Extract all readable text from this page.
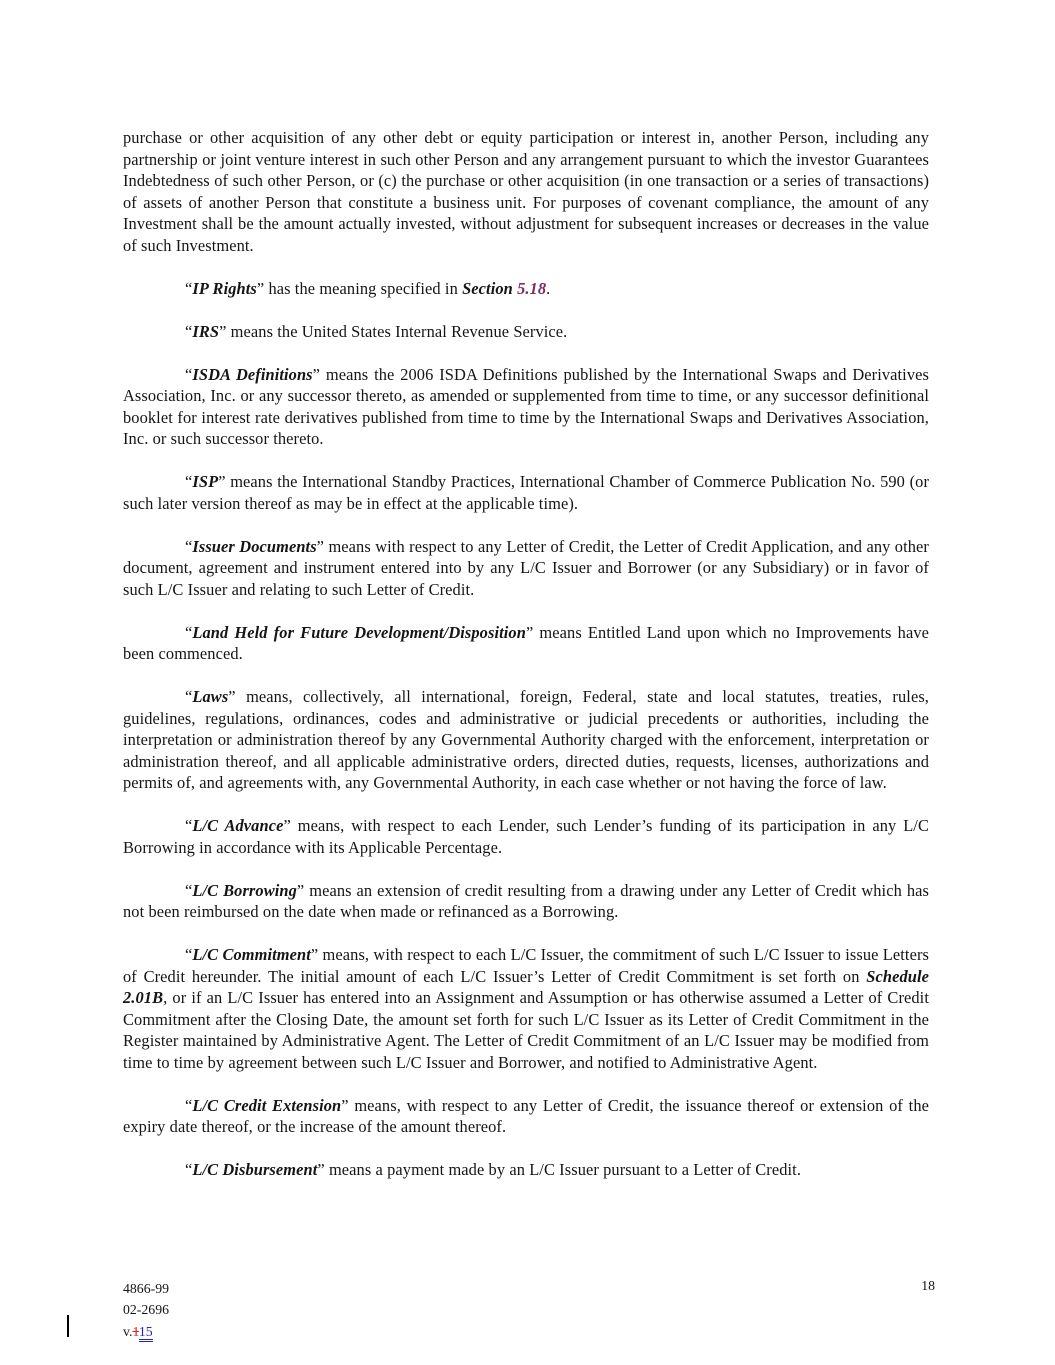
purchase or other acquisition of any other debt or equity participation or interest in, another Person, including any partnership or joint venture interest in such other Person and any arrangement pursuant to which the investor Guarantees Indebtedness of such other Person, or (c) the purchase or other acquisition (in one transaction or a series of transactions) of assets of another Person that constitute a business unit. For purposes of covenant compliance, the amount of any Investment shall be the amount actually invested, without adjustment for subsequent increases or decreases in the value of such Investment.

“IP Rights” has the meaning specified in Section 5.18.

“IRS” means the United States Internal Revenue Service.

“ISDA Definitions” means the 2006 ISDA Definitions published by the International Swaps and Derivatives Association, Inc. or any successor thereto, as amended or supplemented from time to time, or any successor definitional booklet for interest rate derivatives published from time to time by the International Swaps and Derivatives Association, Inc. or such successor thereto.

“ISP” means the International Standby Practices, International Chamber of Commerce Publication No. 590 (or such later version thereof as may be in effect at the applicable time).

“Issuer Documents” means with respect to any Letter of Credit, the Letter of Credit Application, and any other document, agreement and instrument entered into by any L/C Issuer and Borrower (or any Subsidiary) or in favor of such L/C Issuer and relating to such Letter of Credit.

“Land Held for Future Development/Disposition” means Entitled Land upon which no Improvements have been commenced.

“Laws” means, collectively, all international, foreign, Federal, state and local statutes, treaties, rules, guidelines, regulations, ordinances, codes and administrative or judicial precedents or authorities, including the interpretation or administration thereof by any Governmental Authority charged with the enforcement, interpretation or administration thereof, and all applicable administrative orders, directed duties, requests, licenses, authorizations and permits of, and agreements with, any Governmental Authority, in each case whether or not having the force of law.

“L/C Advance” means, with respect to each Lender, such Lender’s funding of its participation in any L/C Borrowing in accordance with its Applicable Percentage.

“L/C Borrowing” means an extension of credit resulting from a drawing under any Letter of Credit which has not been reimbursed on the date when made or refinanced as a Borrowing.

“L/C Commitment” means, with respect to each L/C Issuer, the commitment of such L/C Issuer to issue Letters of Credit hereunder. The initial amount of each L/C Issuer’s Letter of Credit Commitment is set forth on Schedule 2.01B, or if an L/C Issuer has entered into an Assignment and Assumption or has otherwise assumed a Letter of Credit Commitment after the Closing Date, the amount set forth for such L/C Issuer as its Letter of Credit Commitment in the Register maintained by Administrative Agent. The Letter of Credit Commitment of an L/C Issuer may be modified from time to time by agreement between such L/C Issuer and Borrower, and notified to Administrative Agent.

“L/C Credit Extension” means, with respect to any Letter of Credit, the issuance thereof or extension of the expiry date thereof, or the increase of the amount thereof.

“L/C Disbursement” means a payment made by an L/C Issuer pursuant to a Letter of Credit.

4866-99
02-2696
v.115
18
